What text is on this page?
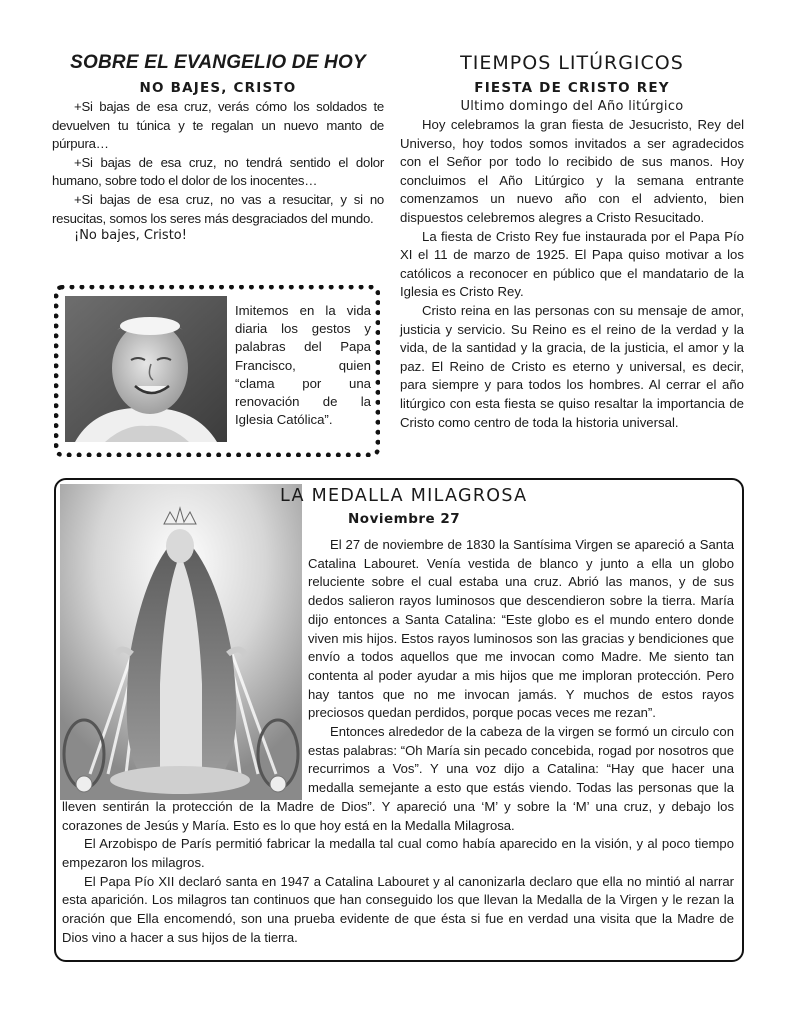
SOBRE EL EVANGELIO DE HOY
NO BAJES, CRISTO

+Si bajas de esa cruz, verás cómo los soldados te devuelven tu túnica y te regalan un nuevo manto de púrpura…

+Si bajas de esa cruz, no tendrá sentido el dolor humano, sobre todo el dolor de los inocentes…

+Si bajas de esa cruz, no vas a resucitar, y si no resucitas, somos los seres más desgraciados del mundo.

¡No bajes, Cristo!
Imitemos en la vida diaria los gestos y palabras del Papa Francisco, quien “clama por una renovación de la Iglesia Católica”.
TIEMPOS LITÚRGICOS
FIESTA DE CRISTO REY
Ultimo domingo del Año litúrgico

Hoy celebramos la gran fiesta de Jesucristo, Rey del Universo, hoy todos somos invitados a ser agradecidos con el Señor por todo lo recibido de sus manos. Hoy concluimos el Año Litúrgico y la semana entrante comenzamos un nuevo año con el adviento, bien dispuestos celebremos alegres a Cristo Resucitado.

La fiesta de Cristo Rey fue instaurada por el Papa Pío XI el 11 de marzo de 1925. El Papa quiso motivar a los católicos a reconocer en público que el mandatario de la Iglesia es Cristo Rey.

Cristo reina en las personas con su mensaje de amor, justicia y servicio. Su Reino es el reino de la verdad y la vida, de la santidad y la gracia, de la justicia, el amor y la paz. El Reino de Cristo es eterno y universal, es decir, para siempre y para todos los hombres. Al cerrar el año litúrgico con esta fiesta se quiso resaltar la importancia de Cristo como centro de toda la historia universal.

LA MEDALLA MILAGROSA
Noviembre 27

El 27 de noviembre de 1830 la Santísima Virgen se apareció a Santa Catalina Labouret. Venía vestida de blanco y junto a ella un globo reluciente sobre el cual estaba una cruz. Abrió las manos, y de sus dedos salieron rayos luminosos que descendieron sobre la tierra. María dijo entonces a Santa Catalina: “Este globo es el mundo entero donde viven mis hijos. Estos rayos luminosos son las gracias y bendiciones que envío a todos aquellos que me invocan como Madre. Me siento tan contenta al poder ayudar a mis hijos que me imploran protección. Pero hay tantos que no me invocan jamás. Y muchos de estos rayos preciosos quedan perdidos, porque pocas veces me rezan”.

Entonces alrededor de la cabeza de la virgen se formó un circulo con estas palabras: “Oh María sin pecado concebida, rogad por nosotros que recurrimos a Vos”. Y una voz dijo a Catalina: “Hay que hacer una medalla semejante a esto que estás viendo. Todas las personas que la lleven sentirán la protección de la Madre de Dios”. Y apareció una ‘M’ y sobre la ‘M’ una cruz, y debajo los corazones de Jesús y María. Esto es lo que hoy está en la Medalla Milagrosa.

El Arzobispo de París permitió fabricar la medalla tal cual como había aparecido en la visión, y al poco tiempo empezaron los milagros.

El Papa Pío XII declaró santa en 1947 a Catalina Labouret y al canonizarla declaro que ella no mintió al narrar esta aparición. Los milagros tan continuos que han conseguido los que llevan la Medalla de la Virgen y le rezan la oración que Ella encomendó, son una prueba evidente de que ésta si fue en verdad una visita que la Madre de Dios vino a hacer a sus hijos de la tierra.
